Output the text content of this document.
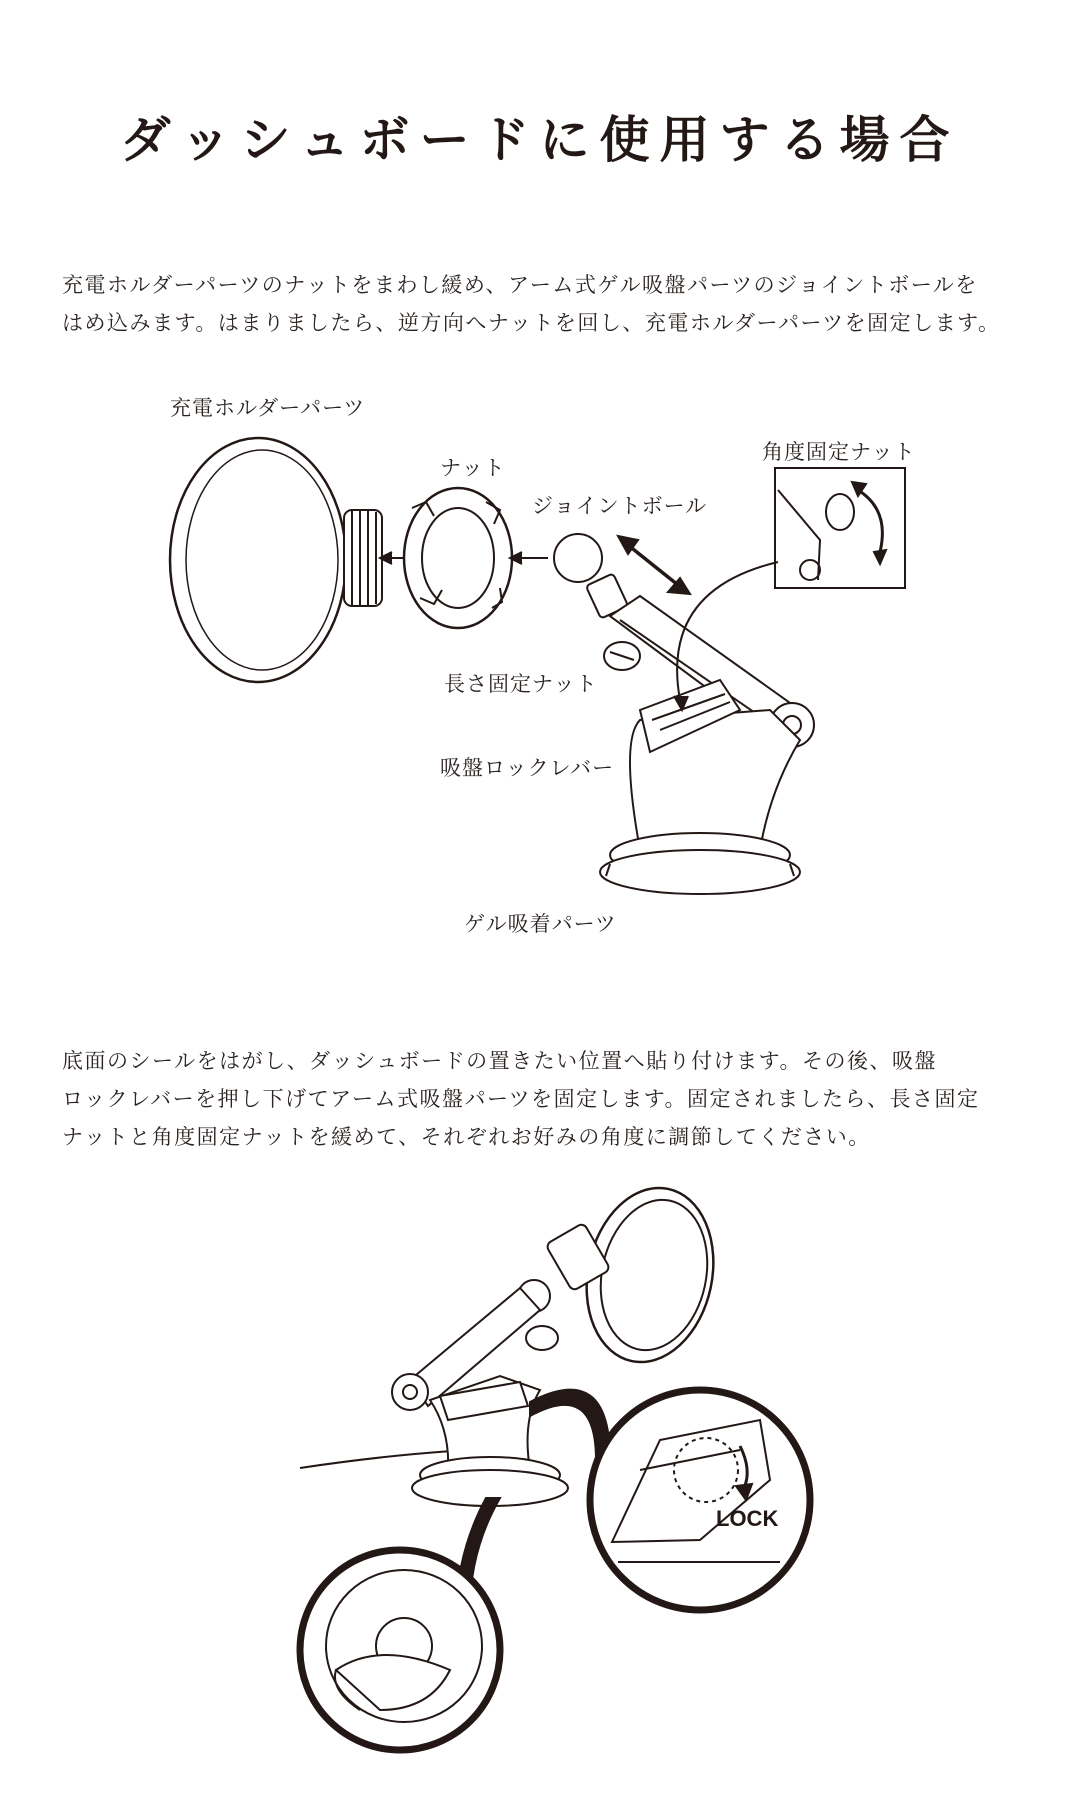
ダッシュボードに使用する場合
充電ホルダーパーツのナットをまわし緩め、アーム式ゲル吸盤パーツのジョイントボールを
はめ込みます。はまりましたら、逆方向へナットを回し、充電ホルダーパーツを固定します。
充電ホルダーパーツ
ナット
ジョイントボール
角度固定ナット
長さ固定ナット
吸盤ロックレバー
ゲル吸着パーツ
底面のシールをはがし、ダッシュボードの置きたい位置へ貼り付けます。その後、吸盤
ロックレバーを押し下げてアーム式吸盤パーツを固定します。固定されましたら、長さ固定
ナットと角度固定ナットを緩めて、それぞれお好みの角度に調節してください。
LOCK
